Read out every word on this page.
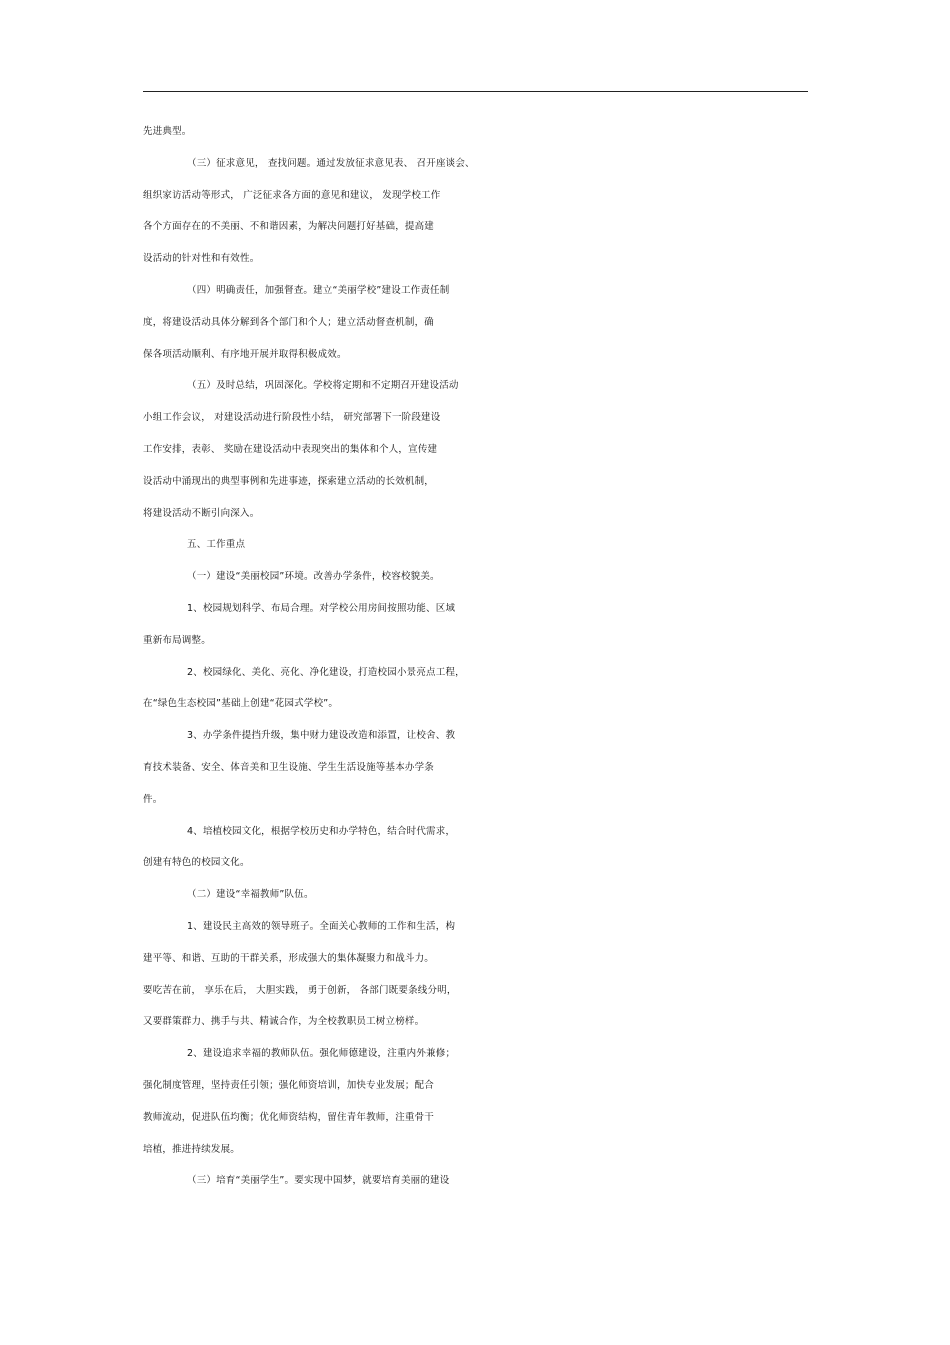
先进典型。
（三）征求意见， 查找问题。通过发放征求意见表、 召开座谈会、
组织家访活动等形式， 广泛征求各方面的意见和建议， 发现学校工作
各个方面存在的不美丽、不和谐因素，为解决问题打好基础，提高建
设活动的针对性和有效性。
（四）明确责任，加强督查。建立“美丽学校”建设工作责任制
度，将建设活动具体分解到各个部门和个人；建立活动督查机制，确
保各项活动顺利、有序地开展并取得积极成效。
（五）及时总结，巩固深化。学校将定期和不定期召开建设活动
小组工作会议， 对建设活动进行阶段性小结， 研究部署下一阶段建设
工作安排，表彰、 奖励在建设活动中表现突出的集体和个人，宣传建
设活动中涌现出的典型事例和先进事迹，探索建立活动的长效机制，
将建设活动不断引向深入。
五、工作重点
（一）建设“美丽校园”环境。改善办学条件，校容校貌美。
1、校园规划科学、布局合理。对学校公用房间按照功能、区域
重新布局调整。
2、校园绿化、美化、亮化、净化建设，打造校园小景亮点工程，
在“绿色生态校园”基础上创建“花园式学校”。
3、办学条件提挡升级，集中财力建设改造和添置，让校舍、教
育技术装备、安全、体音美和卫生设施、学生生活设施等基本办学条
件。
4、培植校园文化，根据学校历史和办学特色，结合时代需求，
创建有特色的校园文化。
（二）建设“幸福教师”队伍。
1、建设民主高效的领导班子。全面关心教师的工作和生活，构
建平等、和谐、互助的干群关系，形成强大的集体凝聚力和战斗力。
要吃苦在前， 享乐在后， 大胆实践， 勇于创新， 各部门既要条线分明，
又要群策群力、携手与共、精诚合作，为全校教职员工树立榜样。
2、建设追求幸福的教师队伍。强化师德建设，注重内外兼修；
强化制度管理，坚持责任引领；强化师资培训，加快专业发展；配合
教师流动，促进队伍均衡；优化师资结构，留住青年教师，注重骨干
培植，推进持续发展。
（三）培育“美丽学生”。要实现中国梦，就要培育美丽的建设
